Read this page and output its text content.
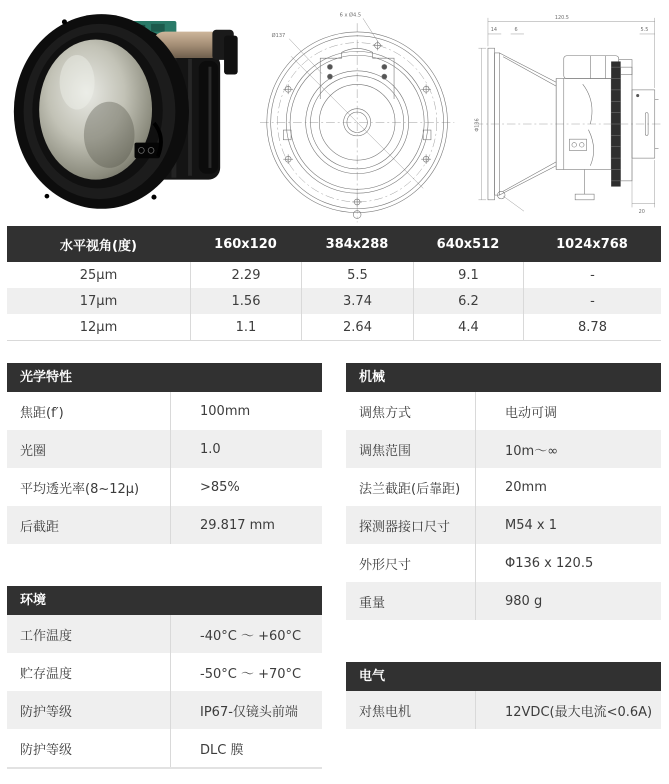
Ø137
6 x Ø4.5	120.5
14	6	5.5
Φ136
20
水平视角(度)	160x120	384x288	640x512	1024x768
25μm	2.29	5.5	9.1	-
17μm	1.56	3.74	6.2	-
12μm	1.1	2.64	4.4	8.78
光学特性
焦距(f′)	100mm
光圈	1.0
平均透光率(8~12μ)	>85%
后截距	29.817 mm
环境
工作温度	-40°C ～ +60°C
贮存温度	-50°C ～ +70°C
防护等级	IP67-仅镜头前端
防护等级	DLC 膜
机械
调焦方式	电动可调
调焦范围	10m～∞
法兰截距(后靠距)	20mm
探测器接口尺寸	M54 x 1
外形尺寸	Φ136 x 120.5
重量	980 g
电气
对焦电机	12VDC(最大电流<0.6A)
